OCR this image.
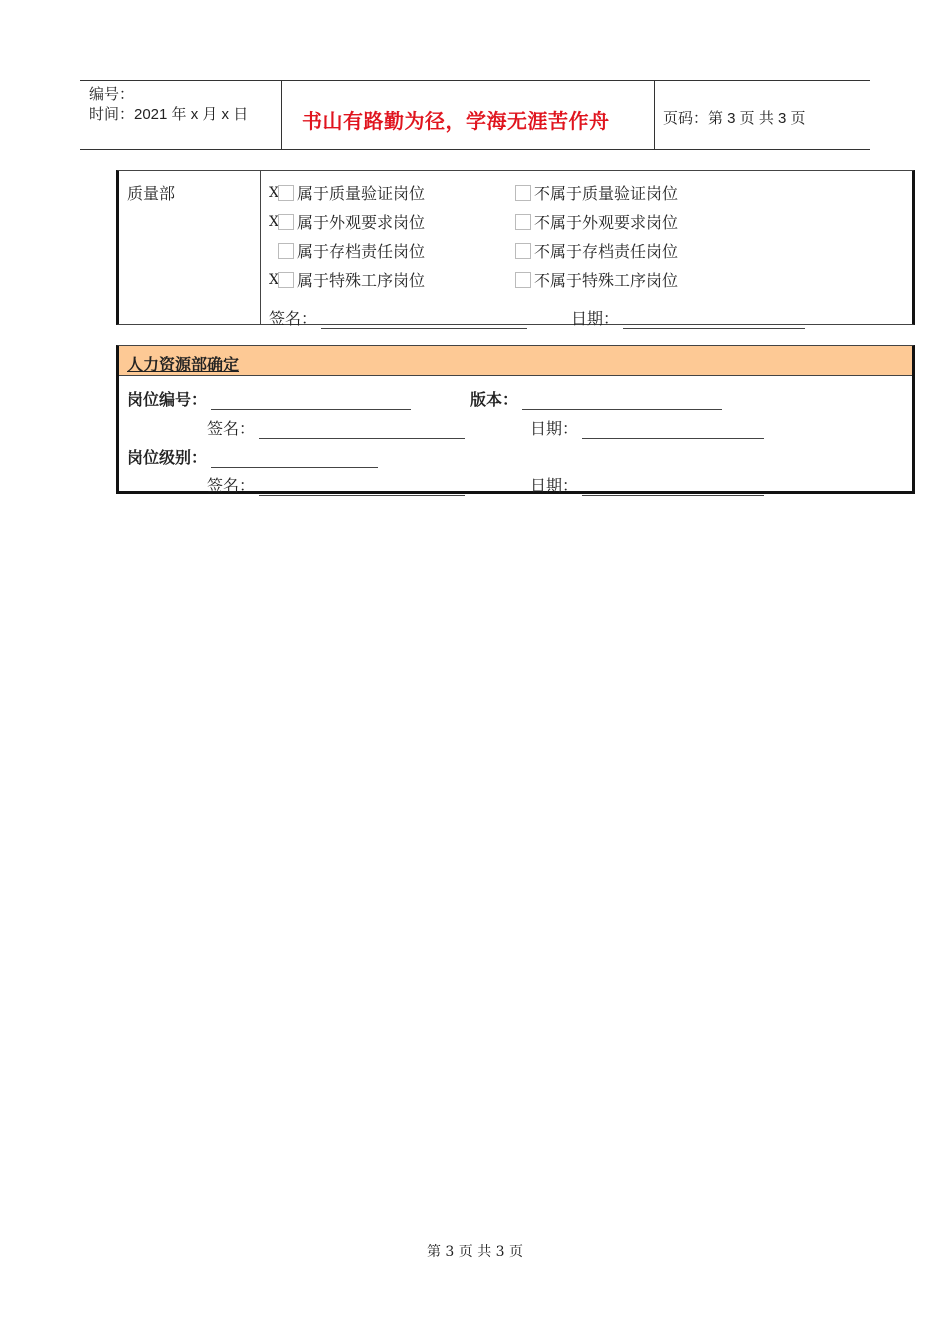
编号：
时间：2021 年 x 月 x 日	书山有路勤为径，学海无涯苦作舟	页码：第 3 页 共 3 页
质量部	X 属于质量验证岗位	不属于质量验证岗位
X 属于外观要求岗位	不属于外观要求岗位
属于存档责任岗位	不属于存档责任岗位
X 属于特殊工序岗位	不属于特殊工序岗位
签名：	日期：
人力资源部确定
岗位编号：	版本：
签名：	日期：
岗位级别：
签名：	日期：
第 3 页 共 3 页
